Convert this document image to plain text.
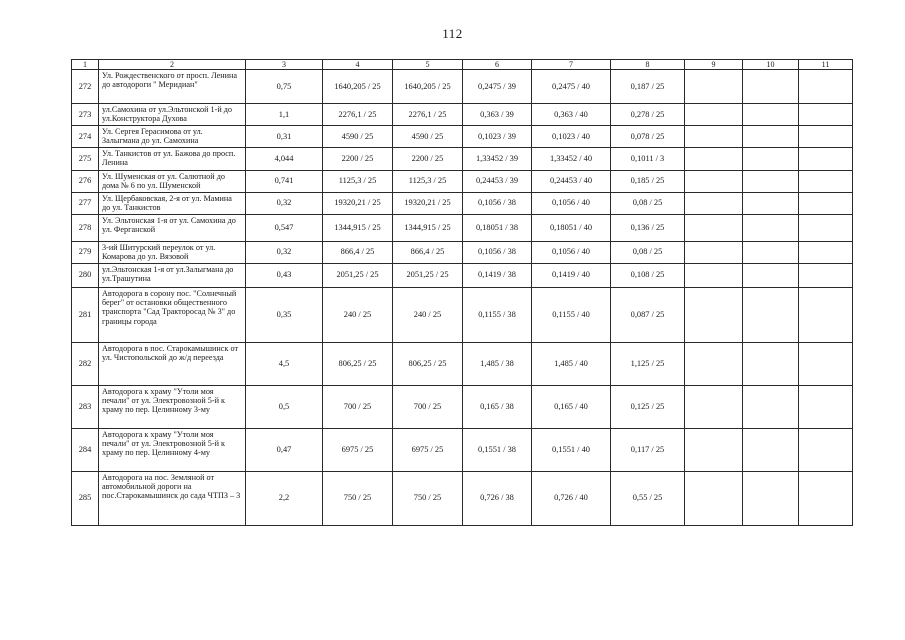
112
1	2	3	4	5	6	7	8	9	10	11
272	Ул. Рождественского от просп. Ленина до автодороги " Меридиан"	0,75	1640,205 / 25	1640,205 / 25	0,2475 / 39	0,2475 / 40	0,187 / 25			
273	ул.Самохина от ул.Эльтонской 1-й до ул.Конструктора Духова	1,1	2276,1 / 25	2276,1 / 25	0,363 / 39	0,363 / 40	0,278 / 25			
274	Ул. Сергея Герасимова от ул. Залыгмана до ул. Самохина	0,31	4590 / 25	4590 / 25	0,1023 / 39	0,1023 / 40	0,078 / 25			
275	Ул. Танкистов от ул. Бажова до просп. Ленина	4,044	2200 / 25	2200 / 25	1,33452 / 39	1,33452 / 40	0,1011 / 3			
276	Ул. Шуменская от ул. Салютной до дома № 6 по ул. Шуменской	0,741	1125,3 / 25	1125,3 / 25	0,24453 / 39	0,24453 / 40	0,185 / 25			
277	Ул. Щербаковская, 2-я от ул. Мамина до ул. Танкистов	0,32	19320,21 / 25	19320,21 / 25	0,1056 / 38	0,1056 / 40	0,08 / 25			
278	Ул. Эльтонская 1-я от ул. Самохина до ул. Ферганской	0,547	1344,915 / 25	1344,915 / 25	0,18051 / 38	0,18051 / 40	0,136 / 25			
279	3-ий Шитурский переулок от ул. Комарова до ул. Вязовой	0,32	866,4 / 25	866,4 / 25	0,1056 / 38	0,1056 / 40	0,08 / 25			
280	ул.Эльтонская 1-я от ул.Залыгмана до ул.Трашутина	0,43	2051,25 / 25	2051,25 / 25	0,1419 / 38	0,1419 / 40	0,108 / 25			
281	Автодорога в сорону пос. "Солнечный берег" от остановки общественного транспорта "Сад Тракторосад № 3" до границы города	0,35	240 / 25	240 / 25	0,1155 / 38	0,1155 / 40	0,087 / 25			
282	Автодорога в пос. Старокамышинск от ул. Чистопольской до ж/д переезда	4,5	806,25 / 25	806,25 / 25	1,485 / 38	1,485 / 40	1,125 / 25			
283	Автодорога к храму "Утоли моя печали" от ул. Электровозной 5-й к храму по пер. Целинному 3-му	0,5	700 / 25	700 / 25	0,165 / 38	0,165 / 40	0,125 / 25			
284	Автодорога к храму "Утоли моя печали" от ул. Электровозной 5-й к храму по пер. Целинному 4-му	0,47	6975 / 25	6975 / 25	0,1551 / 38	0,1551 / 40	0,117 / 25			
285	Автодорога на пос. Земляной от автомобильной дороги на пос.Старокамышинск до сада ЧТПЗ – 3	2,2	750 / 25	750 / 25	0,726 / 38	0,726 / 40	0,55 / 25			
